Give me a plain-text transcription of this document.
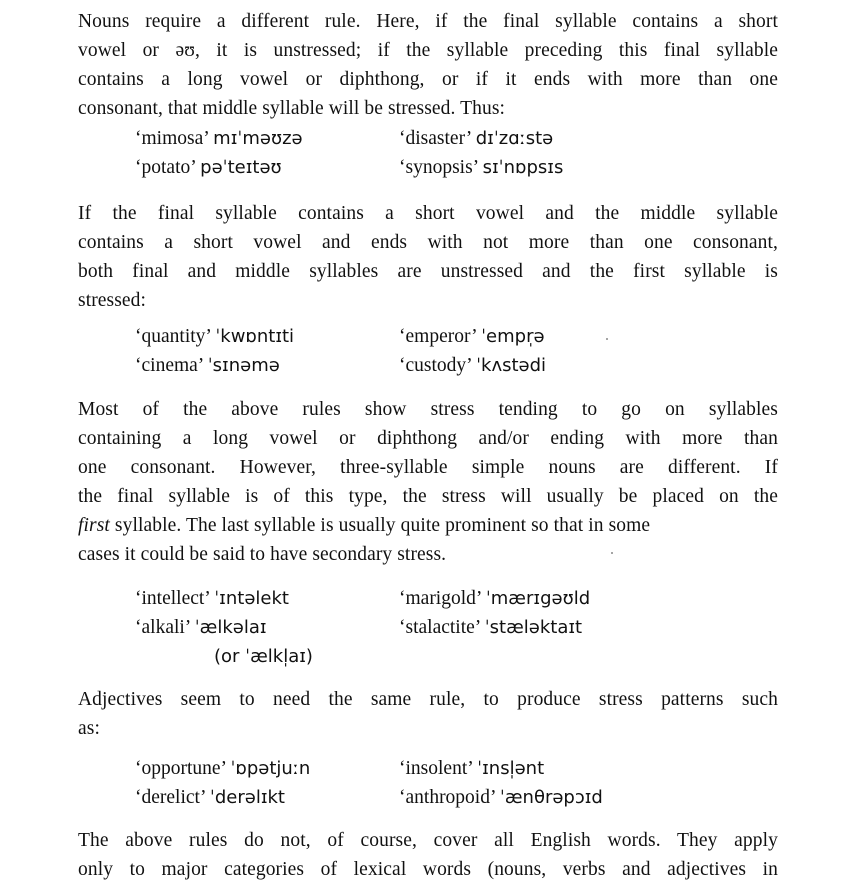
Nouns require a different rule. Here, if the final syllable contains a short
vowel or əʊ, it is unstressed; if the syllable preceding this final syllable
contains a long vowel or diphthong, or if it ends with more than one
consonant, that middle syllable will be stressed. Thus:
‘mimosa’ mɪˈməʊzə
‘potato’ pəˈteɪtəʊ
‘disaster’ dɪˈzɑːstə
‘synopsis’ sɪˈnɒpsɪs
If the final syllable contains a short vowel and the middle syllable
contains a short vowel and ends with not more than one consonant,
both final and middle syllables are unstressed and the first syllable is
stressed:
‘quantity’ ˈkwɒntɪti
‘cinema’ ˈsɪnəmə
‘emperor’ ˈempr̩ə
‘custody’ ˈkʌstədi
Most of the above rules show stress tending to go on syllables
containing a long vowel or diphthong and/or ending with more than
one consonant. However, three-syllable simple nouns are different. If
the final syllable is of this type, the stress will usually be placed on the
first syllable. The last syllable is usually quite prominent so that in some
cases it could be said to have secondary stress.
‘intellect’ ˈɪntəlekt
‘alkali’ ˈælkəlaɪ
(or ˈælkl̩aɪ)
‘marigold’ ˈmærɪgəʊld
‘stalactite’ ˈstæləktaɪt
Adjectives seem to need the same rule, to produce stress patterns such
as:
‘opportune’ ˈɒpətjuːn
‘derelict’ ˈderəlɪkt
‘insolent’ ˈɪnsl̩ənt
‘anthropoid’ ˈænθrəpɔɪd
The above rules do not, of course, cover all English words. They apply
only to major categories of lexical words (nouns, verbs and adjectives in
